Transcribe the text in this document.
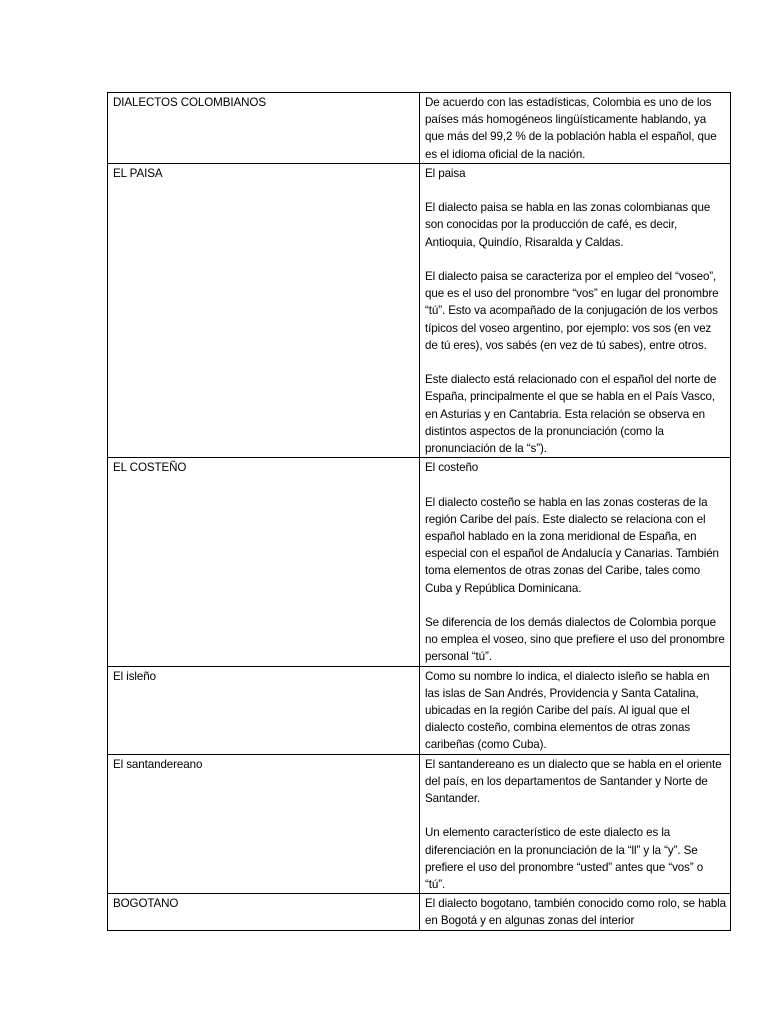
DIALECTOS COLOMBIANOS	De acuerdo con las estadísticas, Colombia es uno de los países más homogéneos lingüísticamente hablando, ya que más del 99,2 % de la población habla el español, que es el idioma oficial de la nación.

EL PAISA	El paisa
El dialecto paisa se habla en las zonas colombianas que son conocidas por la producción de café, es decir, Antioquia, Quindío, Risaralda y Caldas.
El dialecto paisa se caracteriza por el empleo del “voseo”, que es el uso del pronombre “vos” en lugar del pronombre “tú”. Esto va acompañado de la conjugación de los verbos típicos del voseo argentino, por ejemplo: vos sos (en vez de tú eres), vos sabés (en vez de tú sabes), entre otros.
Este dialecto está relacionado con el español del norte de España, principalmente el que se habla en el País Vasco, en Asturias y en Cantabria. Esta relación se observa en distintos aspectos de la pronunciación (como la pronunciación de la “s”).

EL COSTEÑO	El costeño
El dialecto costeño se habla en las zonas costeras de la región Caribe del país. Este dialecto se relaciona con el español hablado en la zona meridional de España, en especial con el español de Andalucía y Canarias. También toma elementos de otras zonas del Caribe, tales como Cuba y República Dominicana.
Se diferencia de los demás dialectos de Colombia porque no emplea el voseo, sino que prefiere el uso del pronombre personal “tú”.

El isleño	Como su nombre lo indica, el dialecto isleño se habla en las islas de San Andrés, Providencia y Santa Catalina, ubicadas en la región Caribe del país. Al igual que el dialecto costeño, combina elementos de otras zonas caribeñas (como Cuba).

El santandereano	El santandereano es un dialecto que se habla en el oriente del país, en los departamentos de Santander y Norte de Santander.
Un elemento característico de este dialecto es la diferenciación en la pronunciación de la “ll” y la “y”. Se prefiere el uso del pronombre “usted” antes que “vos” o “tú”.

BOGOTANO	El dialecto bogotano, también conocido como rolo, se habla en Bogotá y en algunas zonas del interior
